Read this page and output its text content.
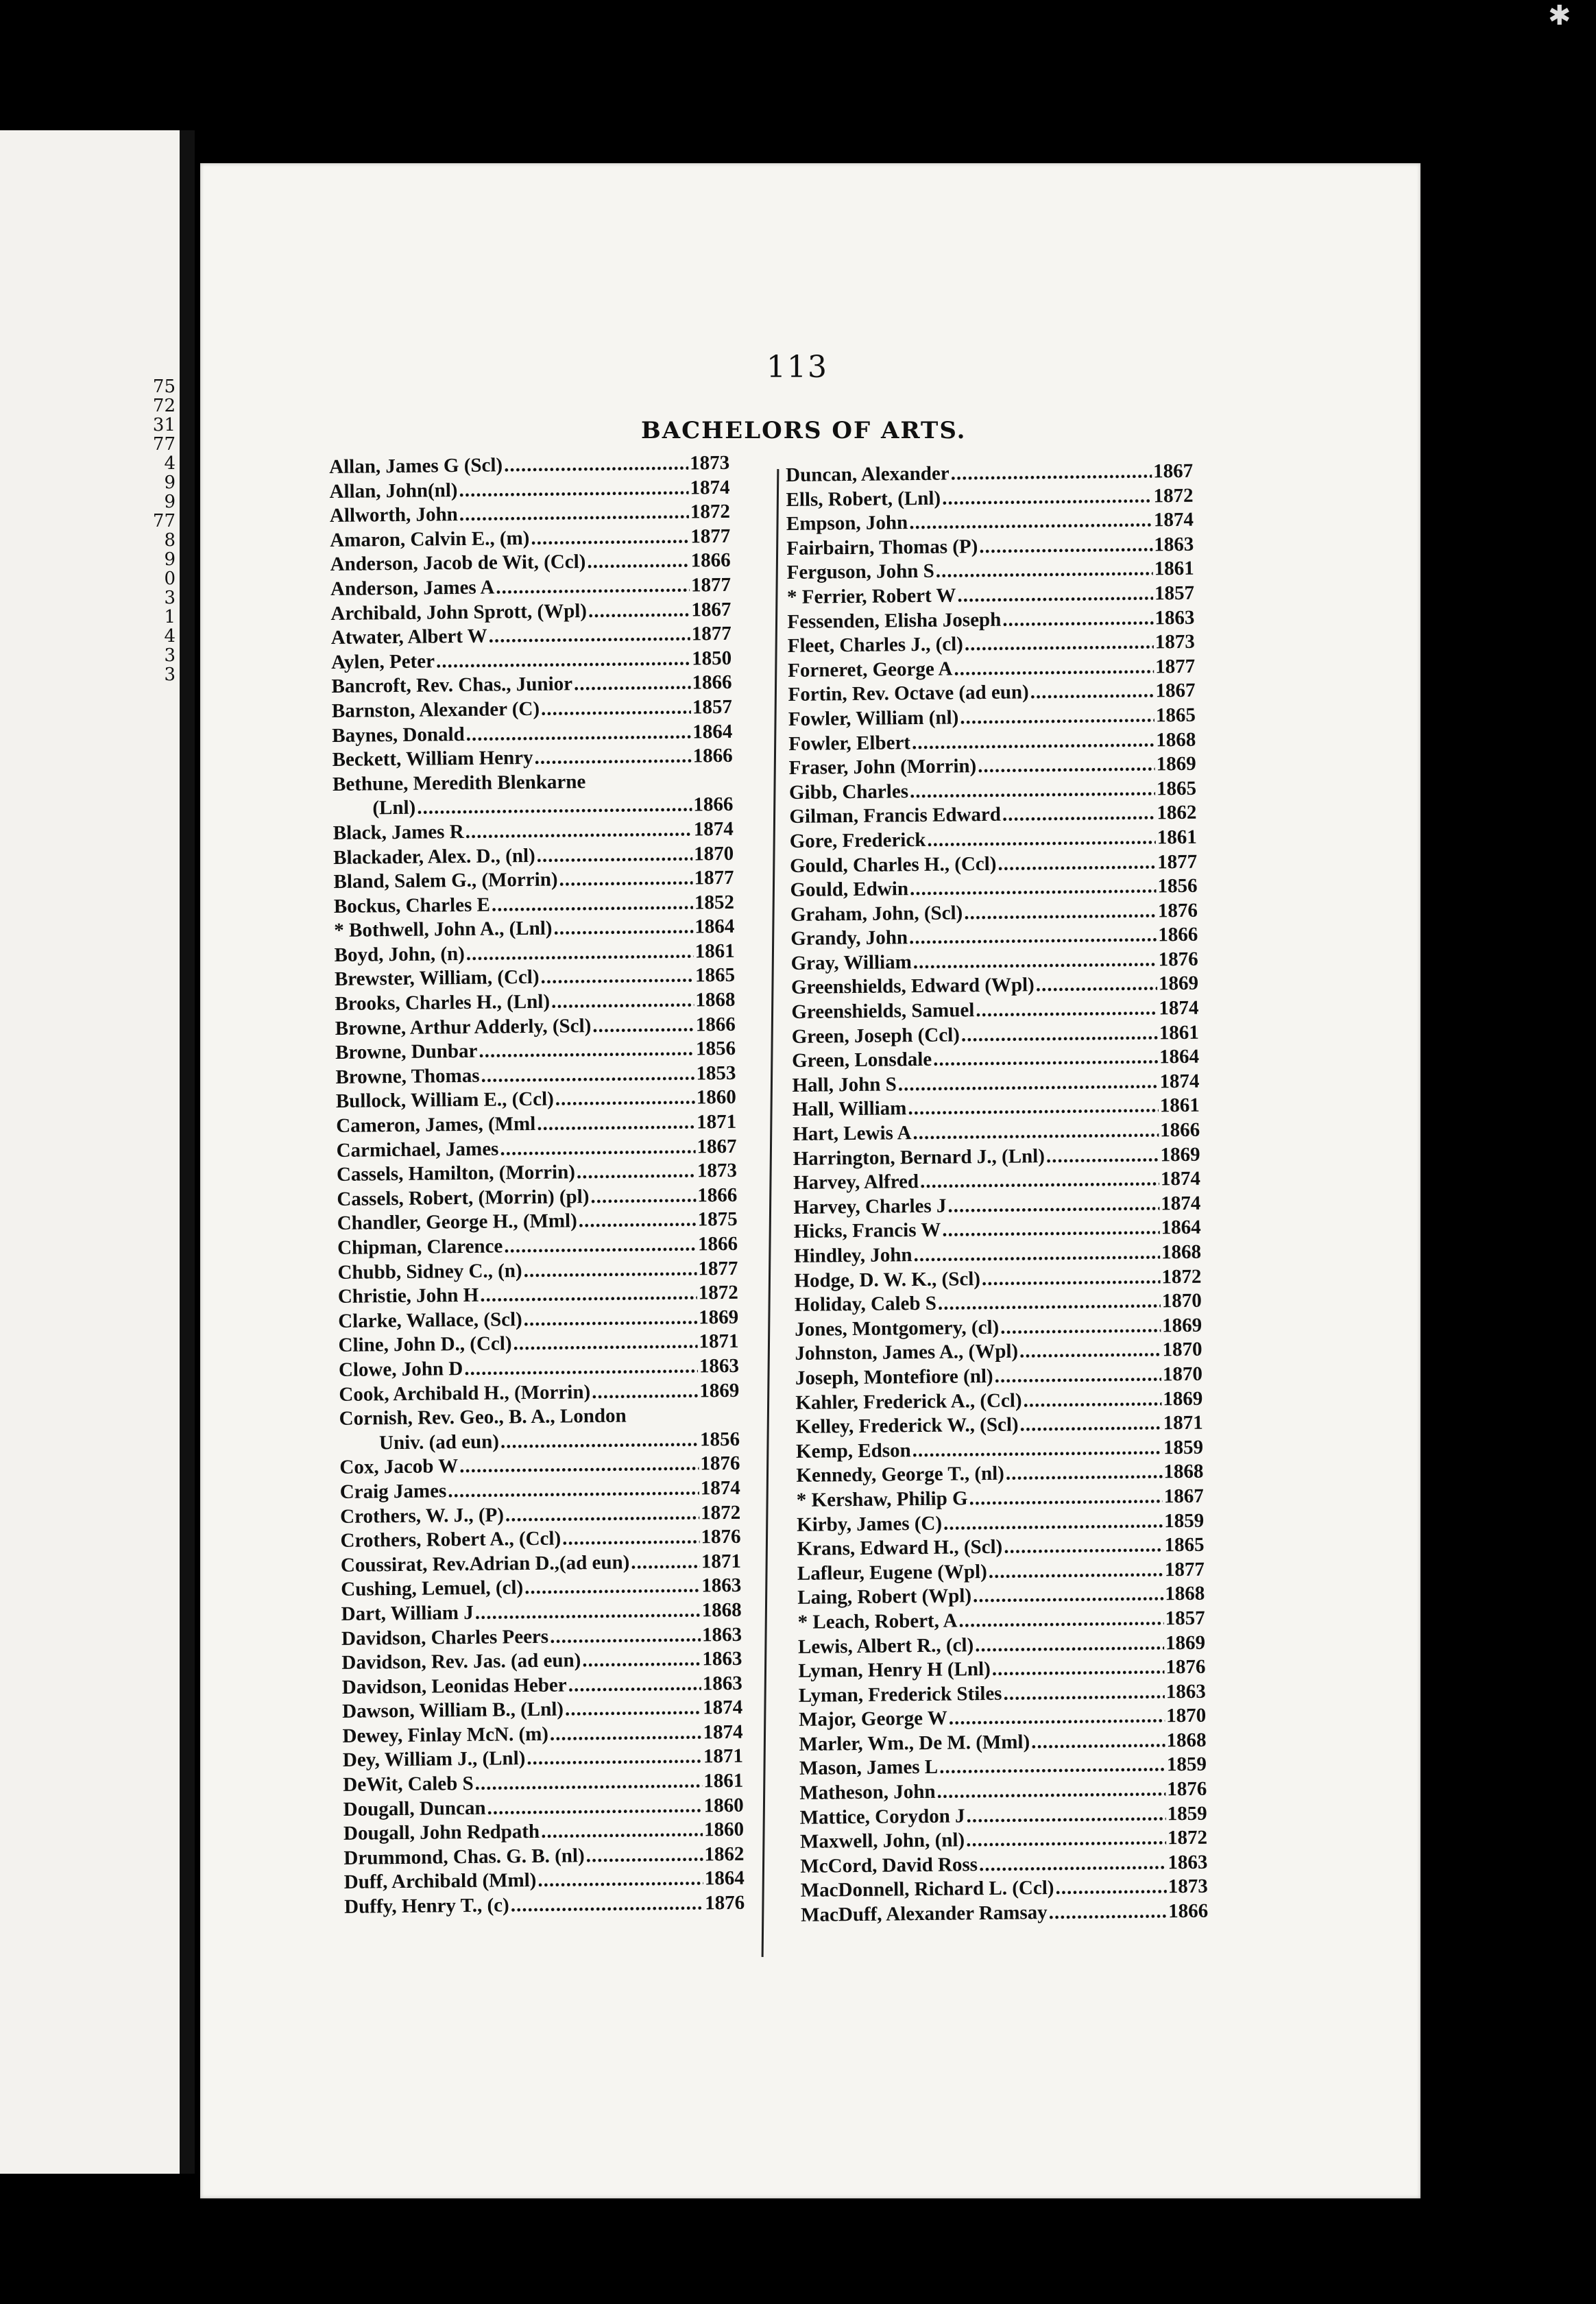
75
72
31
77
4
9
9
77
8
9
0
3
1
4
3
3
113
BACHELORS OF ARTS.
Allan, James G (Scl) .....	1873
Allan, John(nl) .....	1874
Allworth, John .....	1872
Amaron, Calvin E., (m) .....	1877
Anderson, Jacob de Wit, (Ccl) .....	1866
Anderson, James A .....	1877
Archibald, John Sprott, (Wpl) .....	1867
Atwater, Albert W .....	1877
Aylen, Peter .....	1850
Bancroft, Rev. Chas., Junior .....	1866
Barnston, Alexander (C) .....	1857
Baynes, Donald .....	1864
Beckett, William Henry .....	1866
Bethune, Meredith Blenkarne
  (Lnl) .....	1866
Black, James R .....	1874
Blackader, Alex. D., (nl) .....	1870
Bland, Salem G., (Morrin) .....	1877
Bockus, Charles E .....	1852
* Bothwell, John A., (Lnl) .....	1864
Boyd, John, (n) .....	1861
Brewster, William, (Ccl) .....	1865
Brooks, Charles H., (Lnl) .....	1868
Browne, Arthur Adderly, (Scl) .....	1866
Browne, Dunbar .....	1856
Browne, Thomas .....	1853
Bullock, William E., (Ccl) .....	1860
Cameron, James, (Mml .....	1871
Carmichael, James .....	1867
Cassels, Hamilton, (Morrin) .....	1873
Cassels, Robert, (Morrin) (pl) .....	1866
Chandler, George H., (Mml) .....	1875
Chipman, Clarence .....	1866
Chubb, Sidney C., (n) .....	1877
Christie, John H .....	1872
Clarke, Wallace, (Scl) .....	1869
Cline, John D., (Ccl) .....	1871
Clowe, John D .....	1863
Cook, Archibald H., (Morrin) .....	1869
Cornish, Rev. Geo., B. A., London
  Univ. (ad eun) .....	1856
Cox, Jacob W .....	1876
Craig James .....	1874
Crothers, W. J., (P) .....	1872
Crothers, Robert A., (Ccl) .....	1876
Coussirat, Rev.Adrian D.,(ad eun) .....	1871
Cushing, Lemuel, (cl) .....	1863
Dart, William J .....	1868
Davidson, Charles Peers .....	1863
Davidson, Rev. Jas. (ad eun) .....	1863
Davidson, Leonidas Heber .....	1863
Dawson, William B., (Lnl) .....	1874
Dewey, Finlay McN. (m) .....	1874
Dey, William J., (Lnl) .....	1871
DeWit, Caleb S .....	1861
Dougall, Duncan .....	1860
Dougall, John Redpath .....	1860
Drummond, Chas. G. B. (nl) .....	1862
Duff, Archibald (Mml) .....	1864
Duffy, Henry T., (c) .....	1876
Duncan, Alexander .....	1867
Ells, Robert, (Lnl) .....	1872
Empson, John .....	1874
Fairbairn, Thomas (P) .....	1863
Ferguson, John S .....	1861
* Ferrier, Robert W .....	1857
Fessenden, Elisha Joseph .....	1863
Fleet, Charles J., (cl) .....	1873
Forneret, George A .....	1877
Fortin, Rev. Octave (ad eun) .....	1867
Fowler, William (nl) .....	1865
Fowler, Elbert .....	1868
Fraser, John (Morrin) .....	1869
Gibb, Charles .....	1865
Gilman, Francis Edward .....	1862
Gore, Frederick .....	1861
Gould, Charles H., (Ccl) .....	1877
Gould, Edwin .....	1856
Graham, John, (Scl) .....	1876
Grandy, John .....	1866
Gray, William .....	1876
Greenshields, Edward (Wpl) .....	1869
Greenshields, Samuel .....	1874
Green, Joseph (Ccl) .....	1861
Green, Lonsdale .....	1864
Hall, John S .....	1874
Hall, William .....	1861
Hart, Lewis A .....	1866
Harrington, Bernard J., (Lnl) .....	1869
Harvey, Alfred .....	1874
Harvey, Charles J .....	1874
Hicks, Francis W .....	1864
Hindley, John .....	1868
Hodge, D. W. K., (Scl) .....	1872
Holiday, Caleb S .....	1870
Jones, Montgomery, (cl) .....	1869
Johnston, James A., (Wpl) .....	1870
Joseph, Montefiore (nl) .....	1870
Kahler, Frederick A., (Ccl) .....	1869
Kelley, Frederick W., (Scl) .....	1871
Kemp, Edson .....	1859
Kennedy, George T., (nl) .....	1868
* Kershaw, Philip G .....	1867
Kirby, James (C) .....	1859
Krans, Edward H., (Scl) .....	1865
Lafleur, Eugene (Wpl) .....	1877
Laing, Robert (Wpl) .....	1868
* Leach, Robert, A .....	1857
Lewis, Albert R., (cl) .....	1869
Lyman, Henry H (Lnl) .....	1876
Lyman, Frederick Stiles .....	1863
Major, George W .....	1870
Marler, Wm., De M. (Mml) .....	1868
Mason, James L .....	1859
Matheson, John .....	1876
Mattice, Corydon J .....	1859
Maxwell, John, (nl) .....	1872
McCord, David Ross .....	1863
MacDonnell, Richard L. (Ccl) .....	1873
MacDuff, Alexander Ramsay .....	1866
✱
